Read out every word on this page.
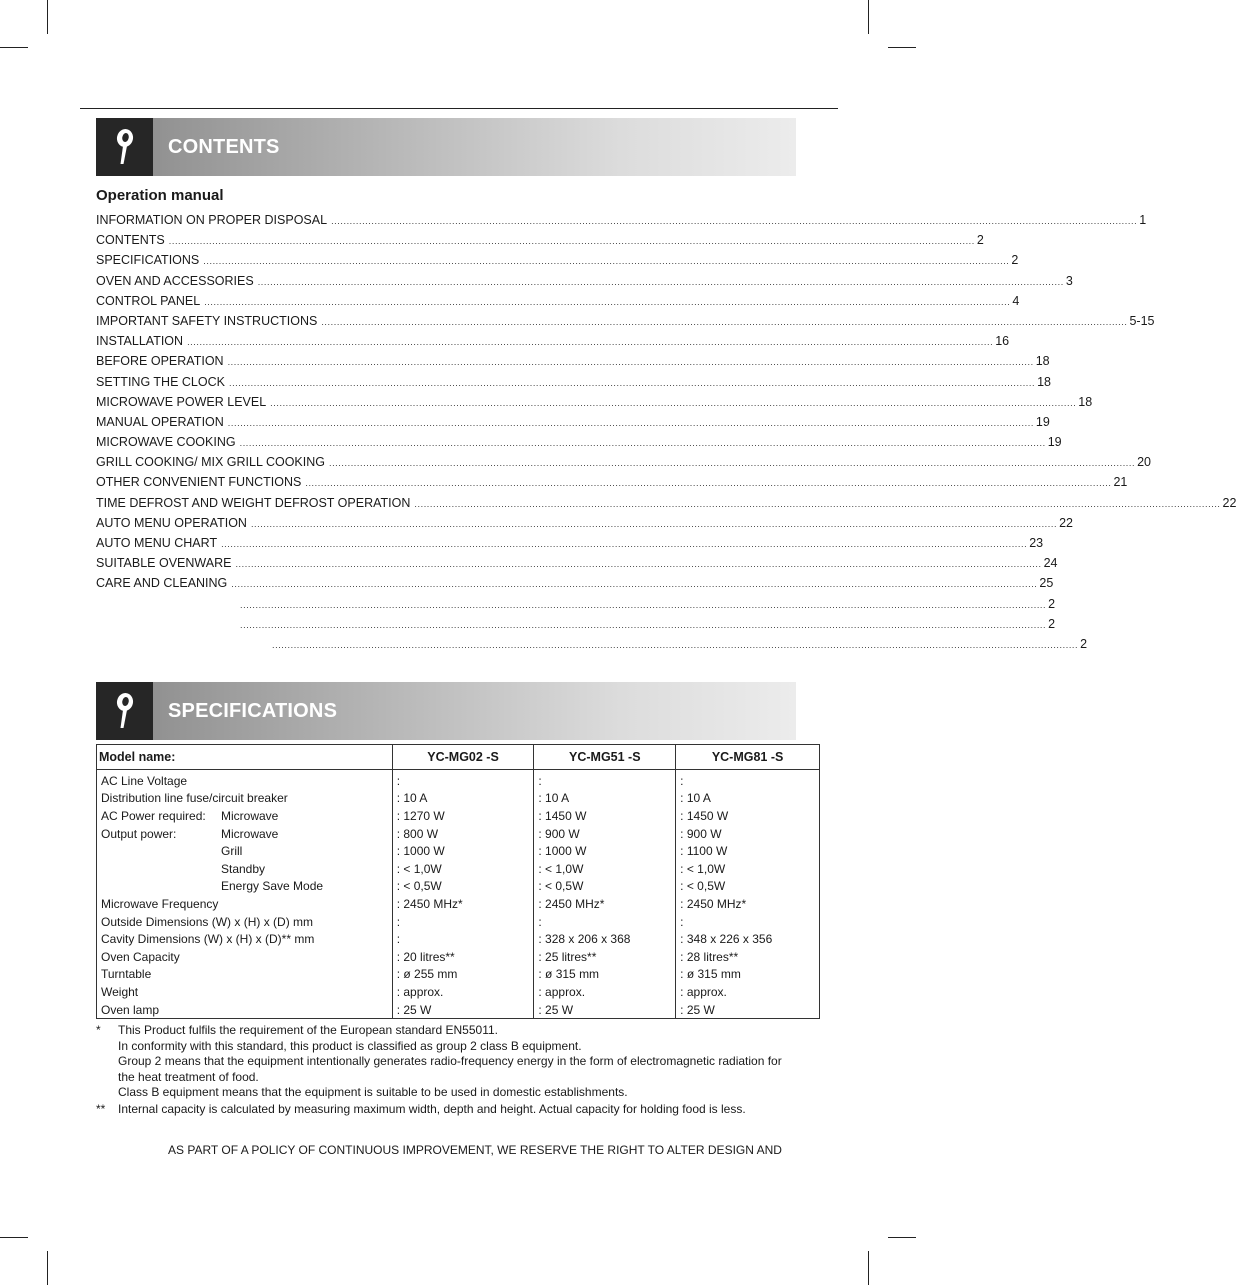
CONTENTS
Operation manual
INFORMATION ON PROPER DISPOSAL .................................................................................................................................................................................................................................................................... 1
CONTENTS .................................................................................................................................................................................................................................................................... 2
SPECIFICATIONS .................................................................................................................................................................................................................................................................... 2
OVEN AND ACCESSORIES .................................................................................................................................................................................................................................................................... 3
CONTROL PANEL .................................................................................................................................................................................................................................................................... 4
IMPORTANT SAFETY INSTRUCTIONS .................................................................................................................................................................................................................................................................... 5-15
INSTALLATION .................................................................................................................................................................................................................................................................... 16
BEFORE OPERATION .................................................................................................................................................................................................................................................................... 18
SETTING THE CLOCK .................................................................................................................................................................................................................................................................... 18
MICROWAVE POWER LEVEL .................................................................................................................................................................................................................................................................... 18
MANUAL OPERATION .................................................................................................................................................................................................................................................................... 19
MICROWAVE COOKING .................................................................................................................................................................................................................................................................... 19
GRILL COOKING/ MIX GRILL COOKING .................................................................................................................................................................................................................................................................... 20
OTHER CONVENIENT FUNCTIONS .................................................................................................................................................................................................................................................................... 21
TIME DEFROST AND WEIGHT DEFROST OPERATION .................................................................................................................................................................................................................................................................... 22
AUTO MENU OPERATION .................................................................................................................................................................................................................................................................... 22
AUTO MENU CHART .................................................................................................................................................................................................................................................................... 23
SUITABLE OVENWARE .................................................................................................................................................................................................................................................................... 24
CARE AND CLEANING .................................................................................................................................................................................................................................................................... 25
.................................................................................................................................................................................................................................................................... 2
.................................................................................................................................................................................................................................................................... 2
.................................................................................................................................................................................................................................................................... 2
SPECIFICATIONS
Model name:	YC-MG02 -S	YC-MG51 -S	YC-MG81 -S

AC Line Voltage	:	:	:

Distribution line fuse/circuit breaker	: 10 A	: 10 A	: 10 A

AC Power required: Microwave	: 1270 W	: 1450 W	: 1450 W

Output power: Microwave	: 800 W	: 900 W	: 900 W

Grill	: 1000 W	: 1000 W	: 1100 W

Standby	: < 1,0W	: < 1,0W	: < 1,0W

Energy Save Mode	: < 0,5W	: < 0,5W	: < 0,5W

Microwave Frequency	: 2450 MHz*	: 2450 MHz*	: 2450 MHz*

Outside Dimensions (W) x (H) x (D) mm	:	:	:

Cavity Dimensions (W) x (H) x (D)** mm	:	: 328 x 206 x 368	: 348 x 226 x 356

Oven Capacity	: 20 litres**	: 25 litres**	: 28 litres**

Turntable	: ø 255 mm	: ø 315 mm	: ø 315 mm

Weight	: approx.	: approx.	: approx.

Oven lamp	: 25 W	: 25 W	: 25 W
*	This Product fulfils the requirement of the European standard EN55011.

In conformity with this standard, this product is classified as group 2 class B equipment.

Group 2 means that the equipment intentionally generates radio-frequency energy in the form of electromagnetic radiation for the heat treatment of food.

Class B equipment means that the equipment is suitable to be used in domestic establishments.

**	Internal capacity is calculated by measuring maximum width, depth and height. Actual capacity for holding food is less.

AS PART OF A POLICY OF CONTINUOUS IMPROVEMENT, WE RESERVE THE RIGHT TO ALTER DESIGN AND
